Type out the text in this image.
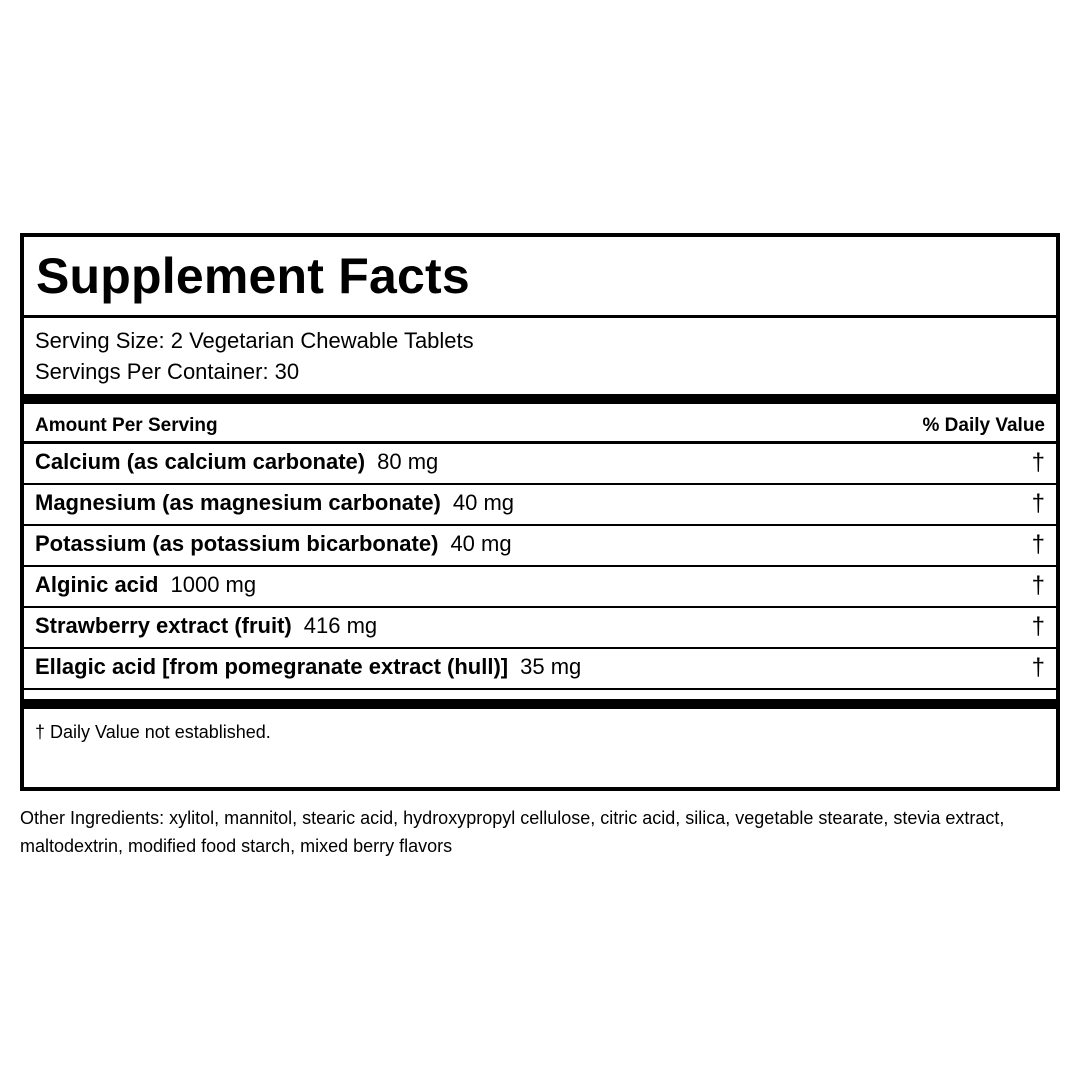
Supplement Facts
Serving Size: 2 Vegetarian Chewable Tablets
Servings Per Container: 30
Amount Per Serving	% Daily Value
Calcium (as calcium carbonate) 80 mg	†
Magnesium (as magnesium carbonate) 40 mg	†
Potassium (as potassium bicarbonate) 40 mg	†
Alginic acid 1000 mg	†
Strawberry extract (fruit) 416 mg	†
Ellagic acid [from pomegranate extract (hull)] 35 mg	†
† Daily Value not established.
Other Ingredients: xylitol, mannitol, stearic acid, hydroxypropyl cellulose, citric acid, silica, vegetable stearate, stevia extract, maltodextrin, modified food starch, mixed berry flavors
